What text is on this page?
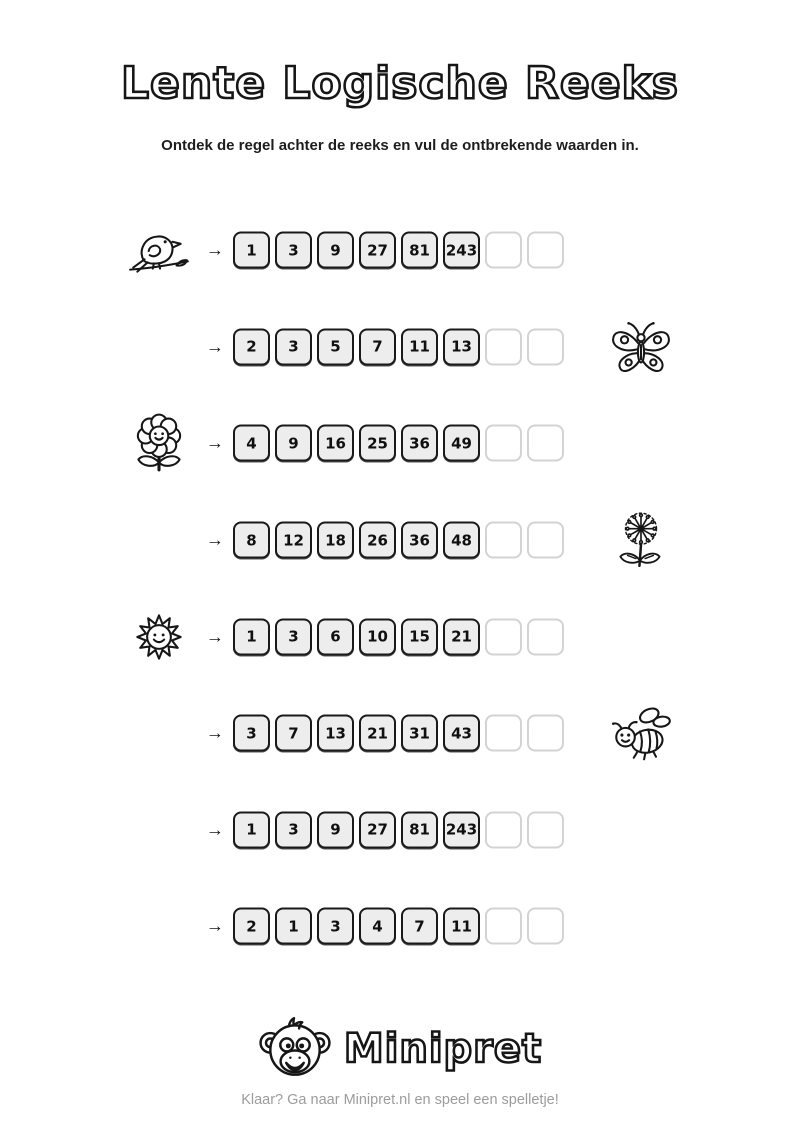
Lente Logische Reeks
Ontdek de regel achter de reeks en vul de ontbrekende waarden in.
→	1	3	9	27	81	243
→	2	3	5	7	11	13
→	4	9	16	25	36	49
→	8	12	18	26	36	48
→	1	3	6	10	15	21
→	3	7	13	21	31	43
→	1	3	9	27	81	243
→	2	1	3	4	7	11
Minipret
Klaar? Ga naar Minipret.nl en speel een spelletje!
